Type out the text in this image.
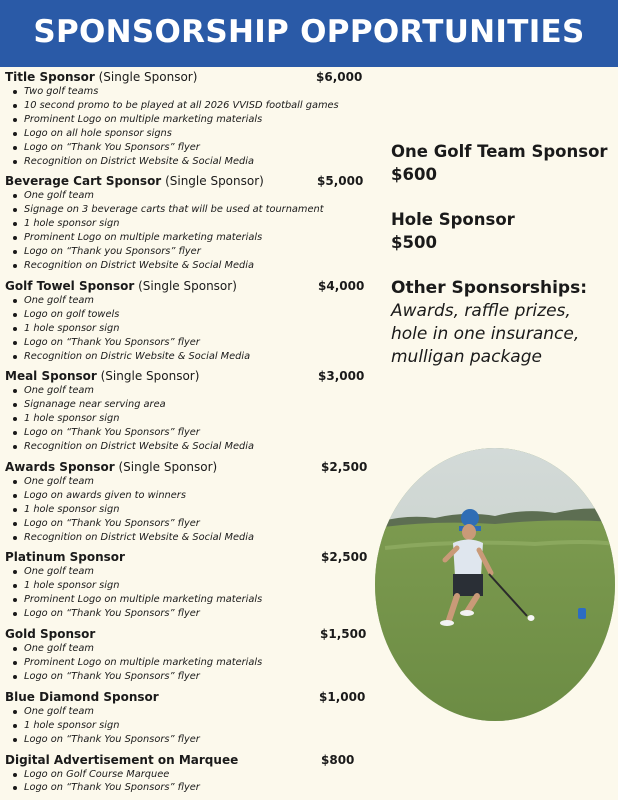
SPONSORSHIP OPPORTUNITIES
Title Sponsor (Single Sponsor)	$6,000
Two golf teams
10 second promo to be played at all 2026 VVISD football games
Prominent Logo on multiple marketing materials
Logo on all hole sponsor signs
Logo on “Thank You Sponsors” flyer
Recognition on District Website & Social Media
Beverage Cart Sponsor (Single Sponsor)	$5,000
One golf team
Signage on 3 beverage carts that will be used at tournament
1 hole sponsor sign
Prominent Logo on multiple marketing materials
Logo on “Thank you Sponsors” flyer
Recognition on District Website & Social Media
Golf Towel Sponsor (Single Sponsor)	$4,000
One golf team
Logo on golf towels
1 hole sponsor sign
Logo on “Thank You Sponsors” flyer
Recognition on Distric Website & Social Media
Meal Sponsor (Single Sponsor)	$3,000
One golf team
Signanage near serving area
1 hole sponsor sign
Logo on “Thank You Sponsors” flyer
Recognition on District Website & Social Media
Awards Sponsor (Single Sponsor)	$2,500
One golf team
Logo on awards given to winners
1 hole sponsor sign
Logo on “Thank You Sponsors” flyer
Recognition on District Website & Social Media
Platinum Sponsor	$2,500
One golf team
1 hole sponsor sign
Prominent Logo on multiple marketing materials
Logo on “Thank You Sponsors” flyer
Gold Sponsor	$1,500
One golf team
Prominent Logo on multiple marketing materials
Logo on “Thank You Sponsors” flyer
Blue Diamond Sponsor	$1,000
One golf team
1 hole sponsor sign
Logo on “Thank You Sponsors” flyer
Digital Advertisement on Marquee	$800
Logo on Golf Course Marquee
Logo on “Thank You Sponsors” flyer
One Golf Team Sponsor
$600
Hole Sponsor
$500
Other Sponsorships:
Awards, raffle prizes,
hole in one insurance,
mulligan package
